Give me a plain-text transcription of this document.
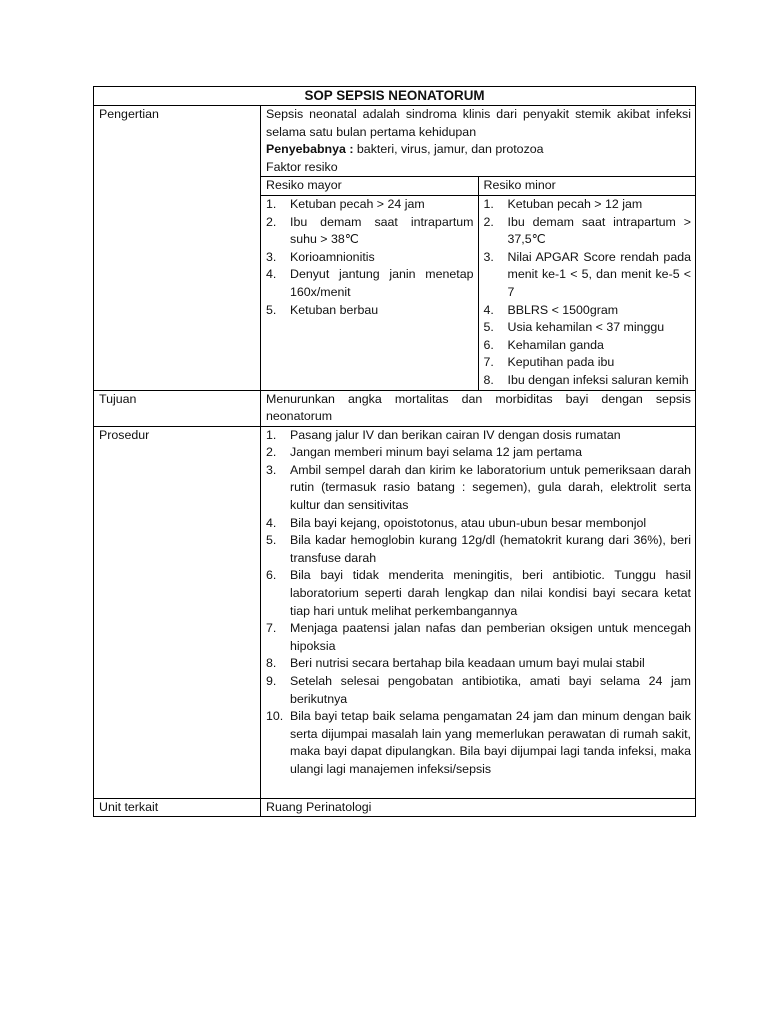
SOP SEPSIS NEONATORUM
Pengertian	Sepsis neonatal adalah sindroma klinis dari penyakit stemik akibat infeksi selama satu bulan pertama kehidupan
Penyebabnya : bakteri, virus, jamur, dan protozoa
Faktor resiko
Resiko mayor	Resiko minor

1. Ketuban pecah > 24 jam
2. Ibu demam saat intrapartum suhu > 38℃
3. Korioamnionitis
4. Denyut jantung janin menetap 160x/menit
5. Ketuban berbau

1. Ketuban pecah > 12 jam
2. Ibu demam saat intrapartum > 37,5℃
3. Nilai APGAR Score rendah pada menit ke-1 < 5, dan menit ke-5 < 7
4. BBLRS < 1500gram
5. Usia kehamilan < 37 minggu
6. Kehamilan ganda
7. Keputihan pada ibu
8. Ibu dengan infeksi saluran kemih

Tujuan	Menurunkan angka mortalitas dan morbiditas bayi dengan sepsis neonatorum
Prosedur	1. Pasang jalur IV dan berikan cairan IV dengan dosis rumatan
2. Jangan memberi minum bayi selama 12 jam pertama
3. Ambil sempel darah dan kirim ke laboratorium untuk pemeriksaan darah rutin (termasuk rasio batang : segemen), gula darah, elektrolit serta kultur dan sensitivitas
4. Bila bayi kejang, opoistotonus, atau ubun-ubun besar membonjol
5. Bila kadar hemoglobin kurang 12g/dl (hematokrit kurang dari 36%), beri transfuse darah
6. Bila bayi tidak menderita meningitis, beri antibiotic. Tunggu hasil laboratorium seperti darah lengkap dan nilai kondisi bayi secara ketat tiap hari untuk melihat perkembangannya
7. Menjaga paatensi jalan nafas dan pemberian oksigen untuk mencegah hipoksia
8. Beri nutrisi secara bertahap bila keadaan umum bayi mulai stabil
9. Setelah selesai pengobatan antibiotika, amati bayi selama 24 jam berikutnya
10. Bila bayi tetap baik selama pengamatan 24 jam dan minum dengan baik serta dijumpai masalah lain yang memerlukan perawatan di rumah sakit, maka bayi dapat dipulangkan. Bila bayi dijumpai lagi tanda infeksi, maka ulangi lagi manajemen infeksi/sepsis

Unit terkait	Ruang Perinatologi
